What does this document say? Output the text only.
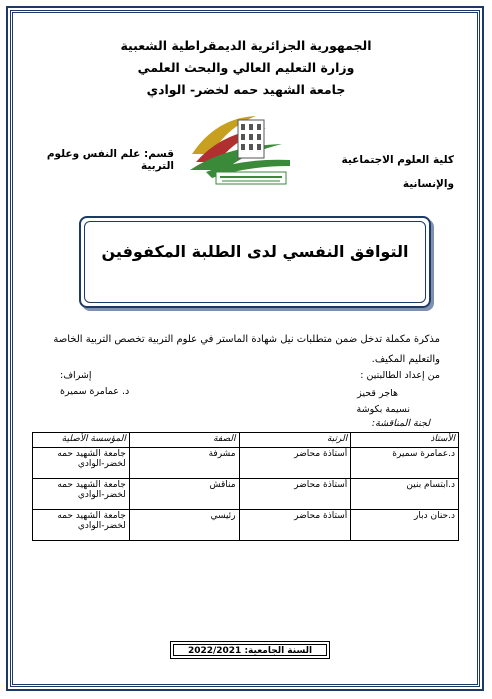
الجمهورية الجزائرية الديمقراطية الشعبية
وزارة التعليم العالي والبحث العلمي
جامعة الشهيد حمه لخضر- الوادي
كلية العلوم الاجتماعية والإنسانية
قسم: علم النفس وعلوم التربية
التوافق النفسي لدى الطلبة المكفوفين
مذكرة مكملة تدخل ضمن متطلبات نيل شهادة الماستر في علوم التربية تخصص التربية الخاصة والتعليم المكيف.
من إعداد الطالبتين :
إشراف:
د. عمامرة سميرة	هاجر قحيز
نسيمة بكوشة
لجنة المناقشة:
الأستاذ	الرتبة	الصفة	المؤسسة الأصلية
د.عمامرة سميرة	أستاذة محاضر	مشرفة	جامعة الشهيد حمه لخضر-الوادي
د.ابتسام بنين	أستاذة محاضر	مناقش	جامعة الشهيد حمه لخضر-الوادي
د.حنان دبار	أستاذة محاضر	رئيسي	جامعة الشهيد حمه لخضر-الوادي
السنة الجامعية: 2022/2021
